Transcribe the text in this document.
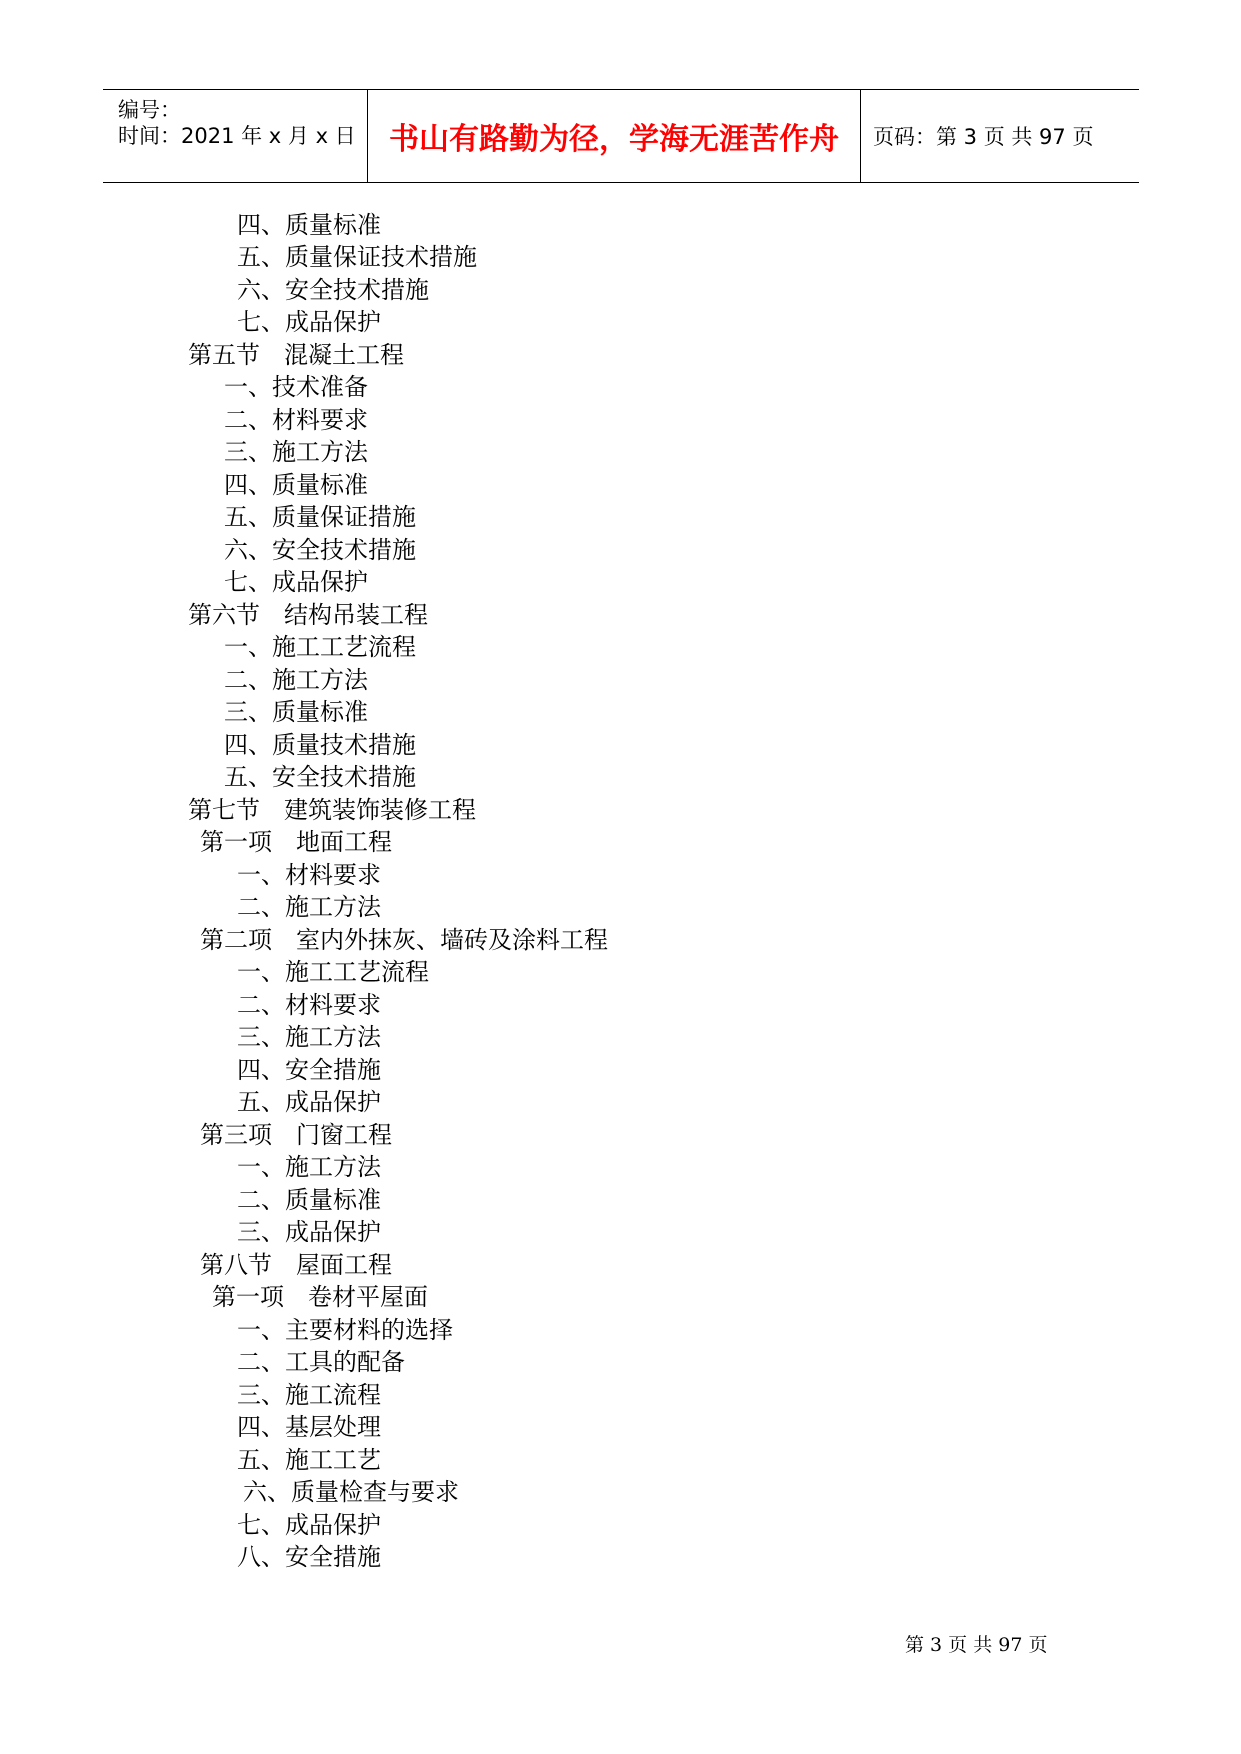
编号：
时间：2021 年 x 月 x 日	书山有路勤为径，学海无涯苦作舟	页码：第 3 页 共 97 页
四、质量标准
五、质量保证技术措施
六、安全技术措施
七、成品保护
第五节　混凝土工程
一、技术准备
二、材料要求
三、施工方法
四、质量标准
五、质量保证措施
六、安全技术措施
七、成品保护
第六节　结构吊装工程
一、施工工艺流程
二、施工方法
三、质量标准
四、质量技术措施
五、安全技术措施
第七节　建筑装饰装修工程
第一项　地面工程
一、材料要求
二、施工方法
第二项　室内外抹灰、墙砖及涂料工程
一、施工工艺流程
二、材料要求
三、施工方法
四、安全措施
五、成品保护
第三项　门窗工程
一、施工方法
二、质量标准
三、成品保护
第八节　屋面工程
第一项　卷材平屋面
一、主要材料的选择
二、工具的配备
三、施工流程
四、基层处理
五、施工工艺
六、质量检查与要求
七、成品保护
八、安全措施
第 3 页 共 97 页
